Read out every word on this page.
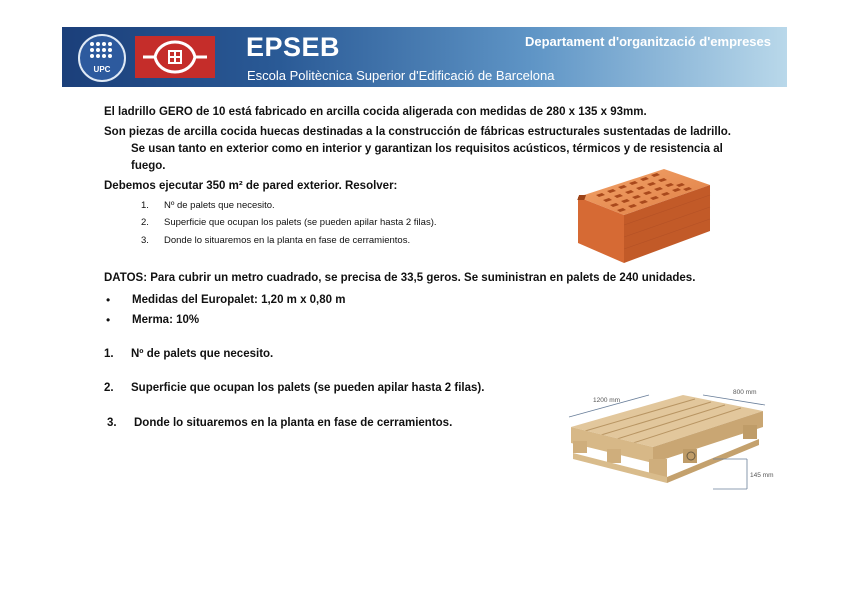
UPC
EPSEB
Escola Politècnica Superior d'Edificació de Barcelona
Departament d'organització d'empreses
El ladrillo GERO de 10 está fabricado en arcilla cocida aligerada con medidas de 280 x 135 x 93mm.
Son piezas de arcilla cocida huecas destinadas a la construcción de fábricas estructurales sustentadas de ladrillo.
Se usan tanto en exterior como en interior y garantizan los requisitos acústicos, térmicos y de resistencia al
fuego.
Debemos ejecutar 350 m² de pared exterior. Resolver:
1. Nº de palets que necesito.
2. Superficie que ocupan los palets (se pueden apilar hasta 2 filas).
3. Donde lo situaremos en la planta en fase de cerramientos.
DATOS: Para cubrir un metro cuadrado, se precisa de 33,5 geros. Se suministran en palets de 240 unidades.
• Medidas del Europalet: 1,20 m x 0,80 m
• Merma: 10%
1. Nº de palets que necesito.
2. Superficie que ocupan los palets (se pueden apilar hasta 2 filas).
3. Donde lo situaremos en la planta en fase de cerramientos.
1200 mm
800 mm
145 mm
